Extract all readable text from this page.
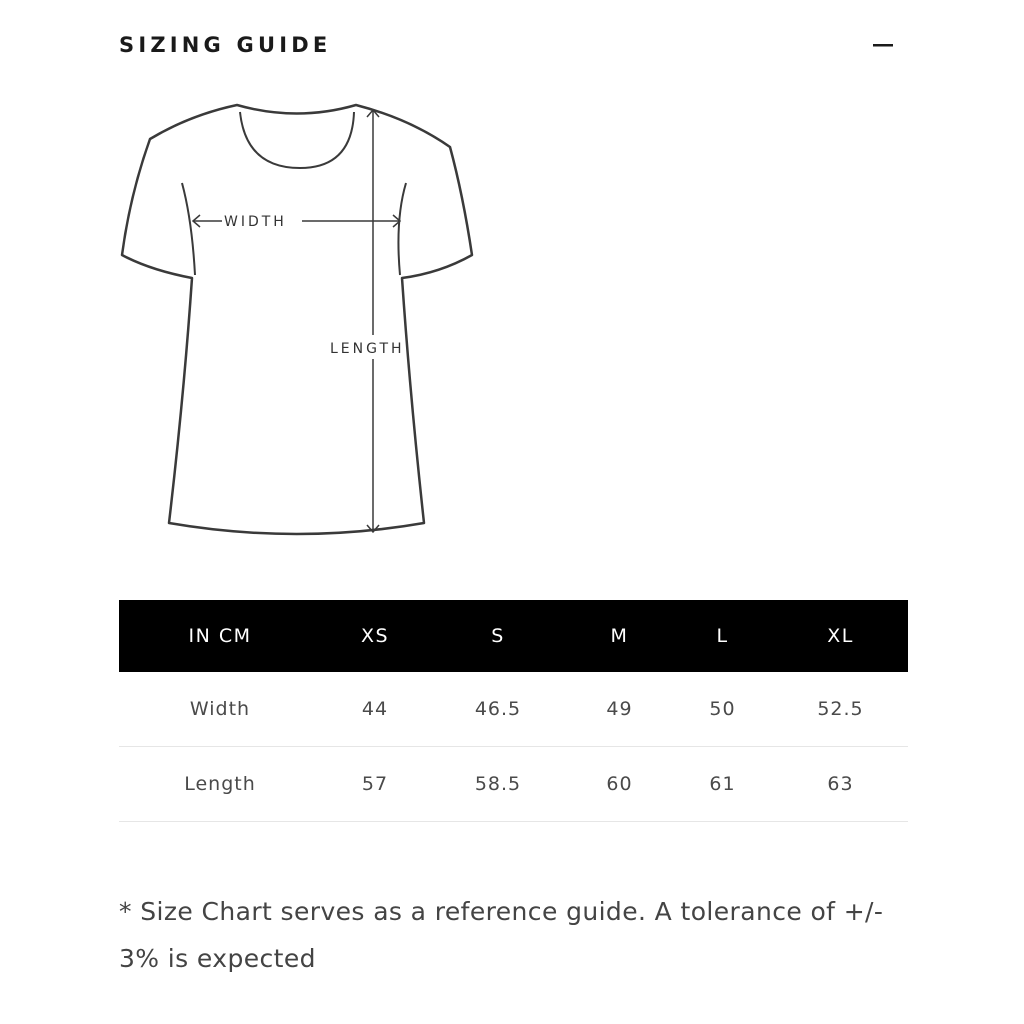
SIZING GUIDE
WIDTH
LENGTH
IN CM	XS	S	M	L	XL
Width	44	46.5	49	50	52.5
Length	57	58.5	60	61	63
* Size Chart serves as a reference guide. A tolerance of +/- 3% is expected
